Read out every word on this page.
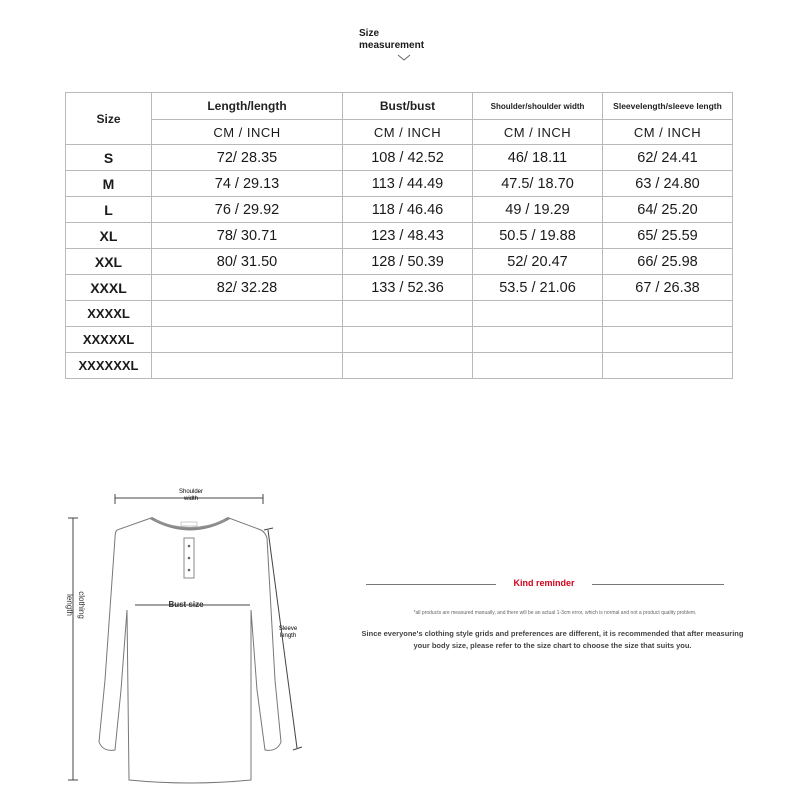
Size
measurement
Size	Length/length	Bust/bust	Shoulder/shoulder width	Sleevelength/sleeve length
	CM / INCH	CM / INCH	CM / INCH	CM / INCH
S	72/ 28.35	108 / 42.52	46/ 18.11	62/ 24.41
M	74 / 29.13	113 / 44.49	47.5/ 18.70	63 / 24.80
L	76 / 29.92	118 / 46.46	49 / 19.29	64/ 25.20
XL	78/ 30.71	123 / 48.43	50.5 / 19.88	65/ 25.59
XXL	80/ 31.50	128 / 50.39	52/ 20.47	66/ 25.98
XXXL	82/ 32.28	133 / 52.36	53.5 / 21.06	67 / 26.38
XXXXL				
XXXXXL				
XXXXXXL				
Shoulder
width
Bust size
clothing
length
Sleeve
length
Kind reminder
*all products are measured manually, and there will be an actual 1-3cm error, which is normal and not a product quality problem.
Since everyone's clothing style grids and preferences are different, it is recommended that after measuring your body size, please refer to the size chart to choose the size that suits you.
